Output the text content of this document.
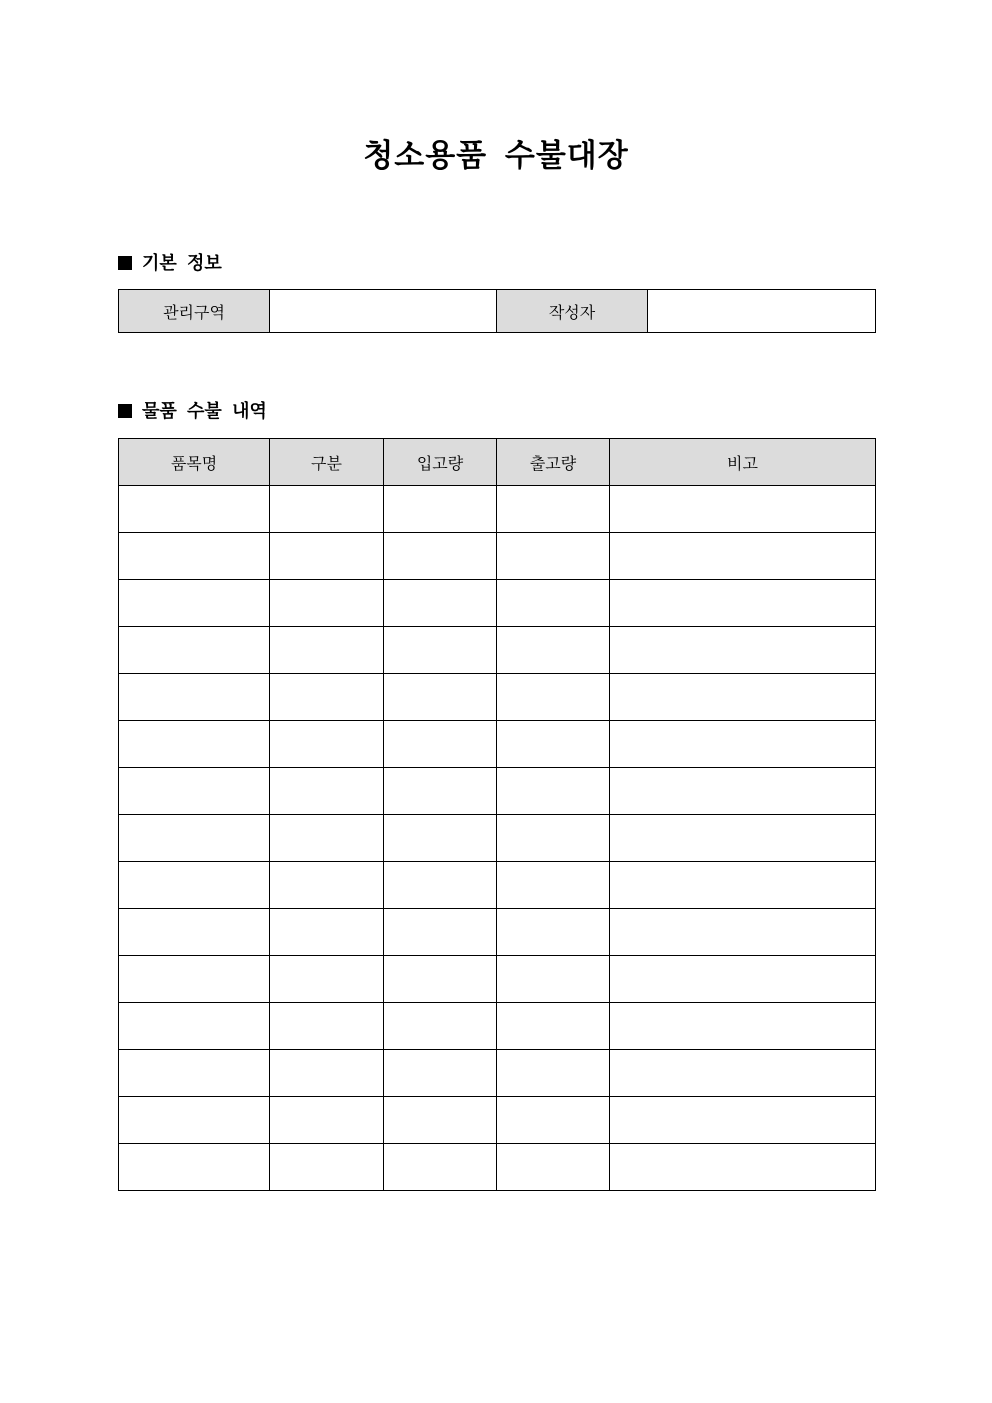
청소용품 수불대장
기본 정보
관리구역		작성자	
물품 수불 내역
품목명	구분	입고량	출고량	비고
